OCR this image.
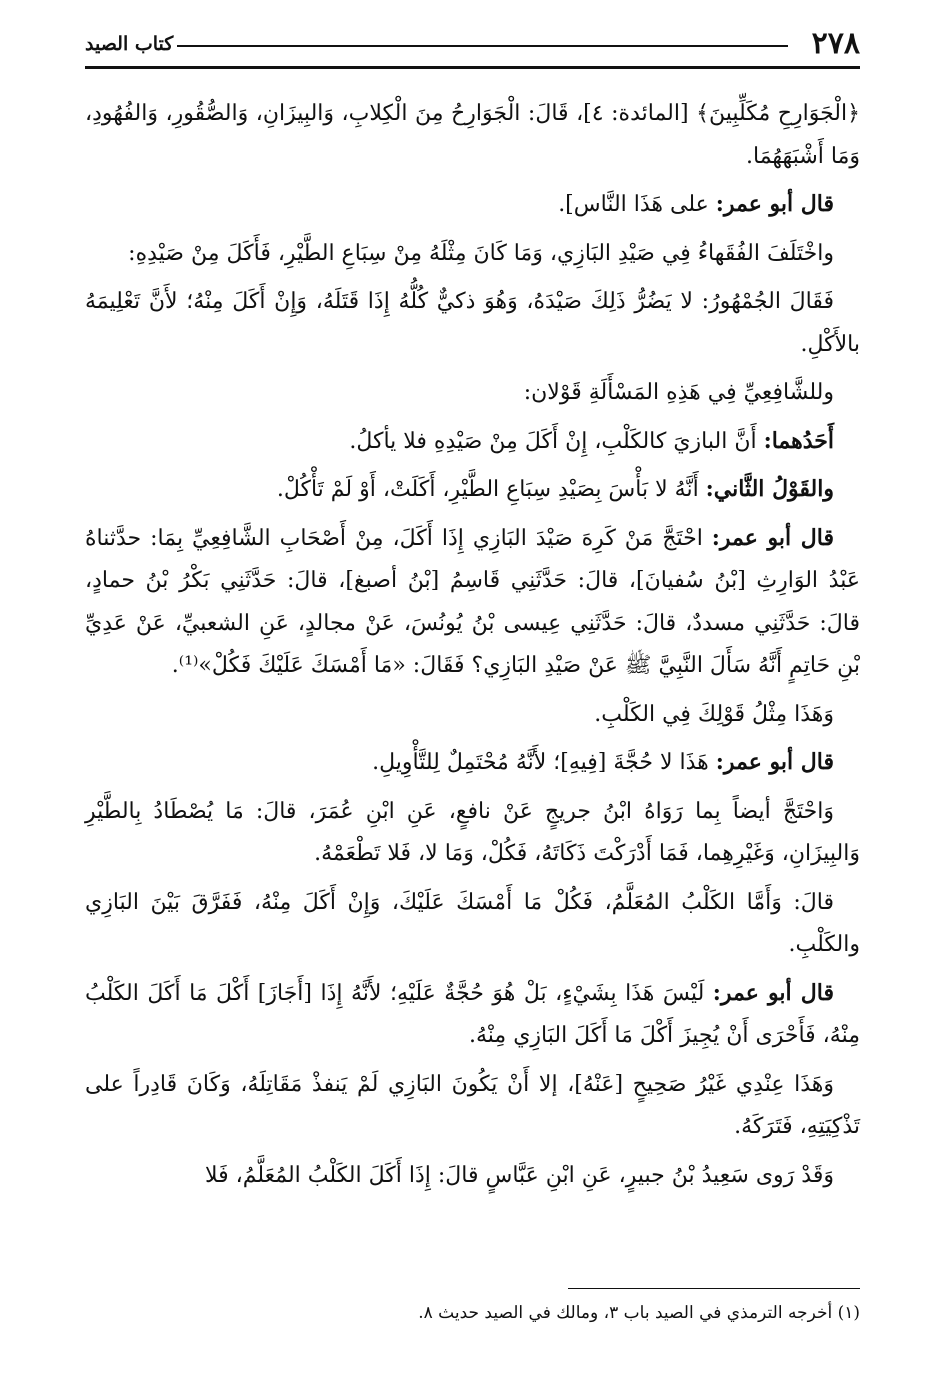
٢٧٨
كتاب الصيد

﴿الْجَوَارِحِ مُكَلِّبِينَ﴾ [المائدة: ٤]، قَالَ: الْجَوَارِحُ مِنَ الْكِلابِ، وَالبِيزَانِ، وَالصُّقُورِ، وَالفُهُودِ، وَمَا أَشْبَهَهُمَا.

قال أبو عمر: على هَذَا النَّاس].

واخْتَلَفَ الفُقَهاءُ فِي صَيْدِ البَازِي، وَمَا كَانَ مِثْلَهُ مِنْ سِبَاعِ الطَّيْرِ، فَأَكَلَ مِنْ صَيْدِهِ:

فَقَالَ الجُمْهُورُ: لا يَضُرُّ ذَلِكَ صَيْدَهُ، وَهُوَ ذكيٌّ كُلُّهُ إِذَا قَتَلَهُ، وَإِنْ أَكَلَ مِنْهُ؛ لأَنَّ تَعْلِيمَهُ بالأَكْلِ.

وللشَّافِعِيِّ فِي هَذِهِ المَسْأَلَةِ قَوْلان:

أَحَدُهما: أَنَّ البازيَ كالكَلْبِ، إِنْ أَكَلَ مِنْ صَيْدِهِ فلا يأكلُ.

والقَوْلُ الثَّاني: أَنَّهُ لا بَأْسَ بِصَيْدِ سِبَاعِ الطَّيْرِ، أَكَلَتْ، أَوْ لَمْ تَأْكُلْ.

قال أبو عمر: احْتَجَّ مَنْ كَرِهَ صَيْدَ البَازِي إِذَا أَكَلَ، مِنْ أَصْحَابِ الشَّافِعِيِّ بِمَا: حدَّثناهُ عَبْدُ الوَارِثِ [بْنُ سُفيانَ]، قالَ: حَدَّثَنِي قَاسِمُ [بْنُ أصبغ]، قالَ: حَدَّثَنِي بَكْرُ بْنُ حمادٍ، قالَ: حَدَّثَنِي مسددٌ، قالَ: حَدَّثَنِي عِيسى بْنُ يُونُسَ، عَنْ مجالدٍ، عَنِ الشعبيِّ، عَنْ عَدِيِّ بْنِ حَاتِمٍ أَنَّهُ سَأَلَ النَّبِيَّ ﷺ عَنْ صَيْدِ البَازِي؟ فَقَالَ: «مَا أَمْسَكَ عَلَيْكَ فَكُلْ»⁽¹⁾.

وَهَذَا مِثْلُ قَوْلِكَ فِي الكَلْبِ.

قال أبو عمر: هَذَا لا حُجَّةَ [فِيهِ]؛ لأَنَّهُ مُحْتَمِلٌ لِلتَّأْوِيلِ.

وَاحْتَجَّ أيضاً بِما رَوَاهُ ابْنُ جريجٍ عَنْ نافعٍ، عَنِ ابْنِ عُمَرَ، قالَ: مَا يُصْطَادُ بِالطَّيْرِ وَالبِيزَانِ، وَغَيْرِهِما، فَمَا أَدْرَكْتَ ذَكَاتَهُ، فَكُلْ، وَمَا لا، فَلا تَطْعَمْهُ.

قالَ: وَأَمَّا الكَلْبُ المُعَلَّمُ، فَكُلْ مَا أَمْسَكَ عَلَيْكَ، وَإِنْ أَكَلَ مِنْهُ، فَفَرَّقَ بَيْنَ البَازِي والكَلْبِ.

قال أبو عمر: لَيْسَ هَذَا بِشَيْءٍ، بَلْ هُوَ حُجَّةٌ عَلَيْهِ؛ لأَنَّهُ إِذَا [أَجَازَ] أَكْلَ مَا أَكَلَ الكَلْبُ مِنْهُ، فَأَحْرَى أَنْ يُجِيزَ أَكْلَ مَا أَكَلَ البَازِي مِنْهُ.

وَهَذَا عِنْدِي غَيْرُ صَحِيحٍ [عَنْهُ]، إلا أَنْ يَكُونَ البَازِي لَمْ يَنفذْ مَقَاتِلَهُ، وَكَانَ قَادِراً على تَذْكِيَتِهِ، فَتَرَكَهُ.

وَقَدْ رَوى سَعِيدُ بْنُ جبيرٍ، عَنِ ابْنِ عَبَّاسٍ قالَ: إِذَا أَكَلَ الكَلْبُ المُعَلَّمُ، فَلا

(١) أخرجه الترمذي في الصيد باب ٣، ومالك في الصيد حديث ٨.
